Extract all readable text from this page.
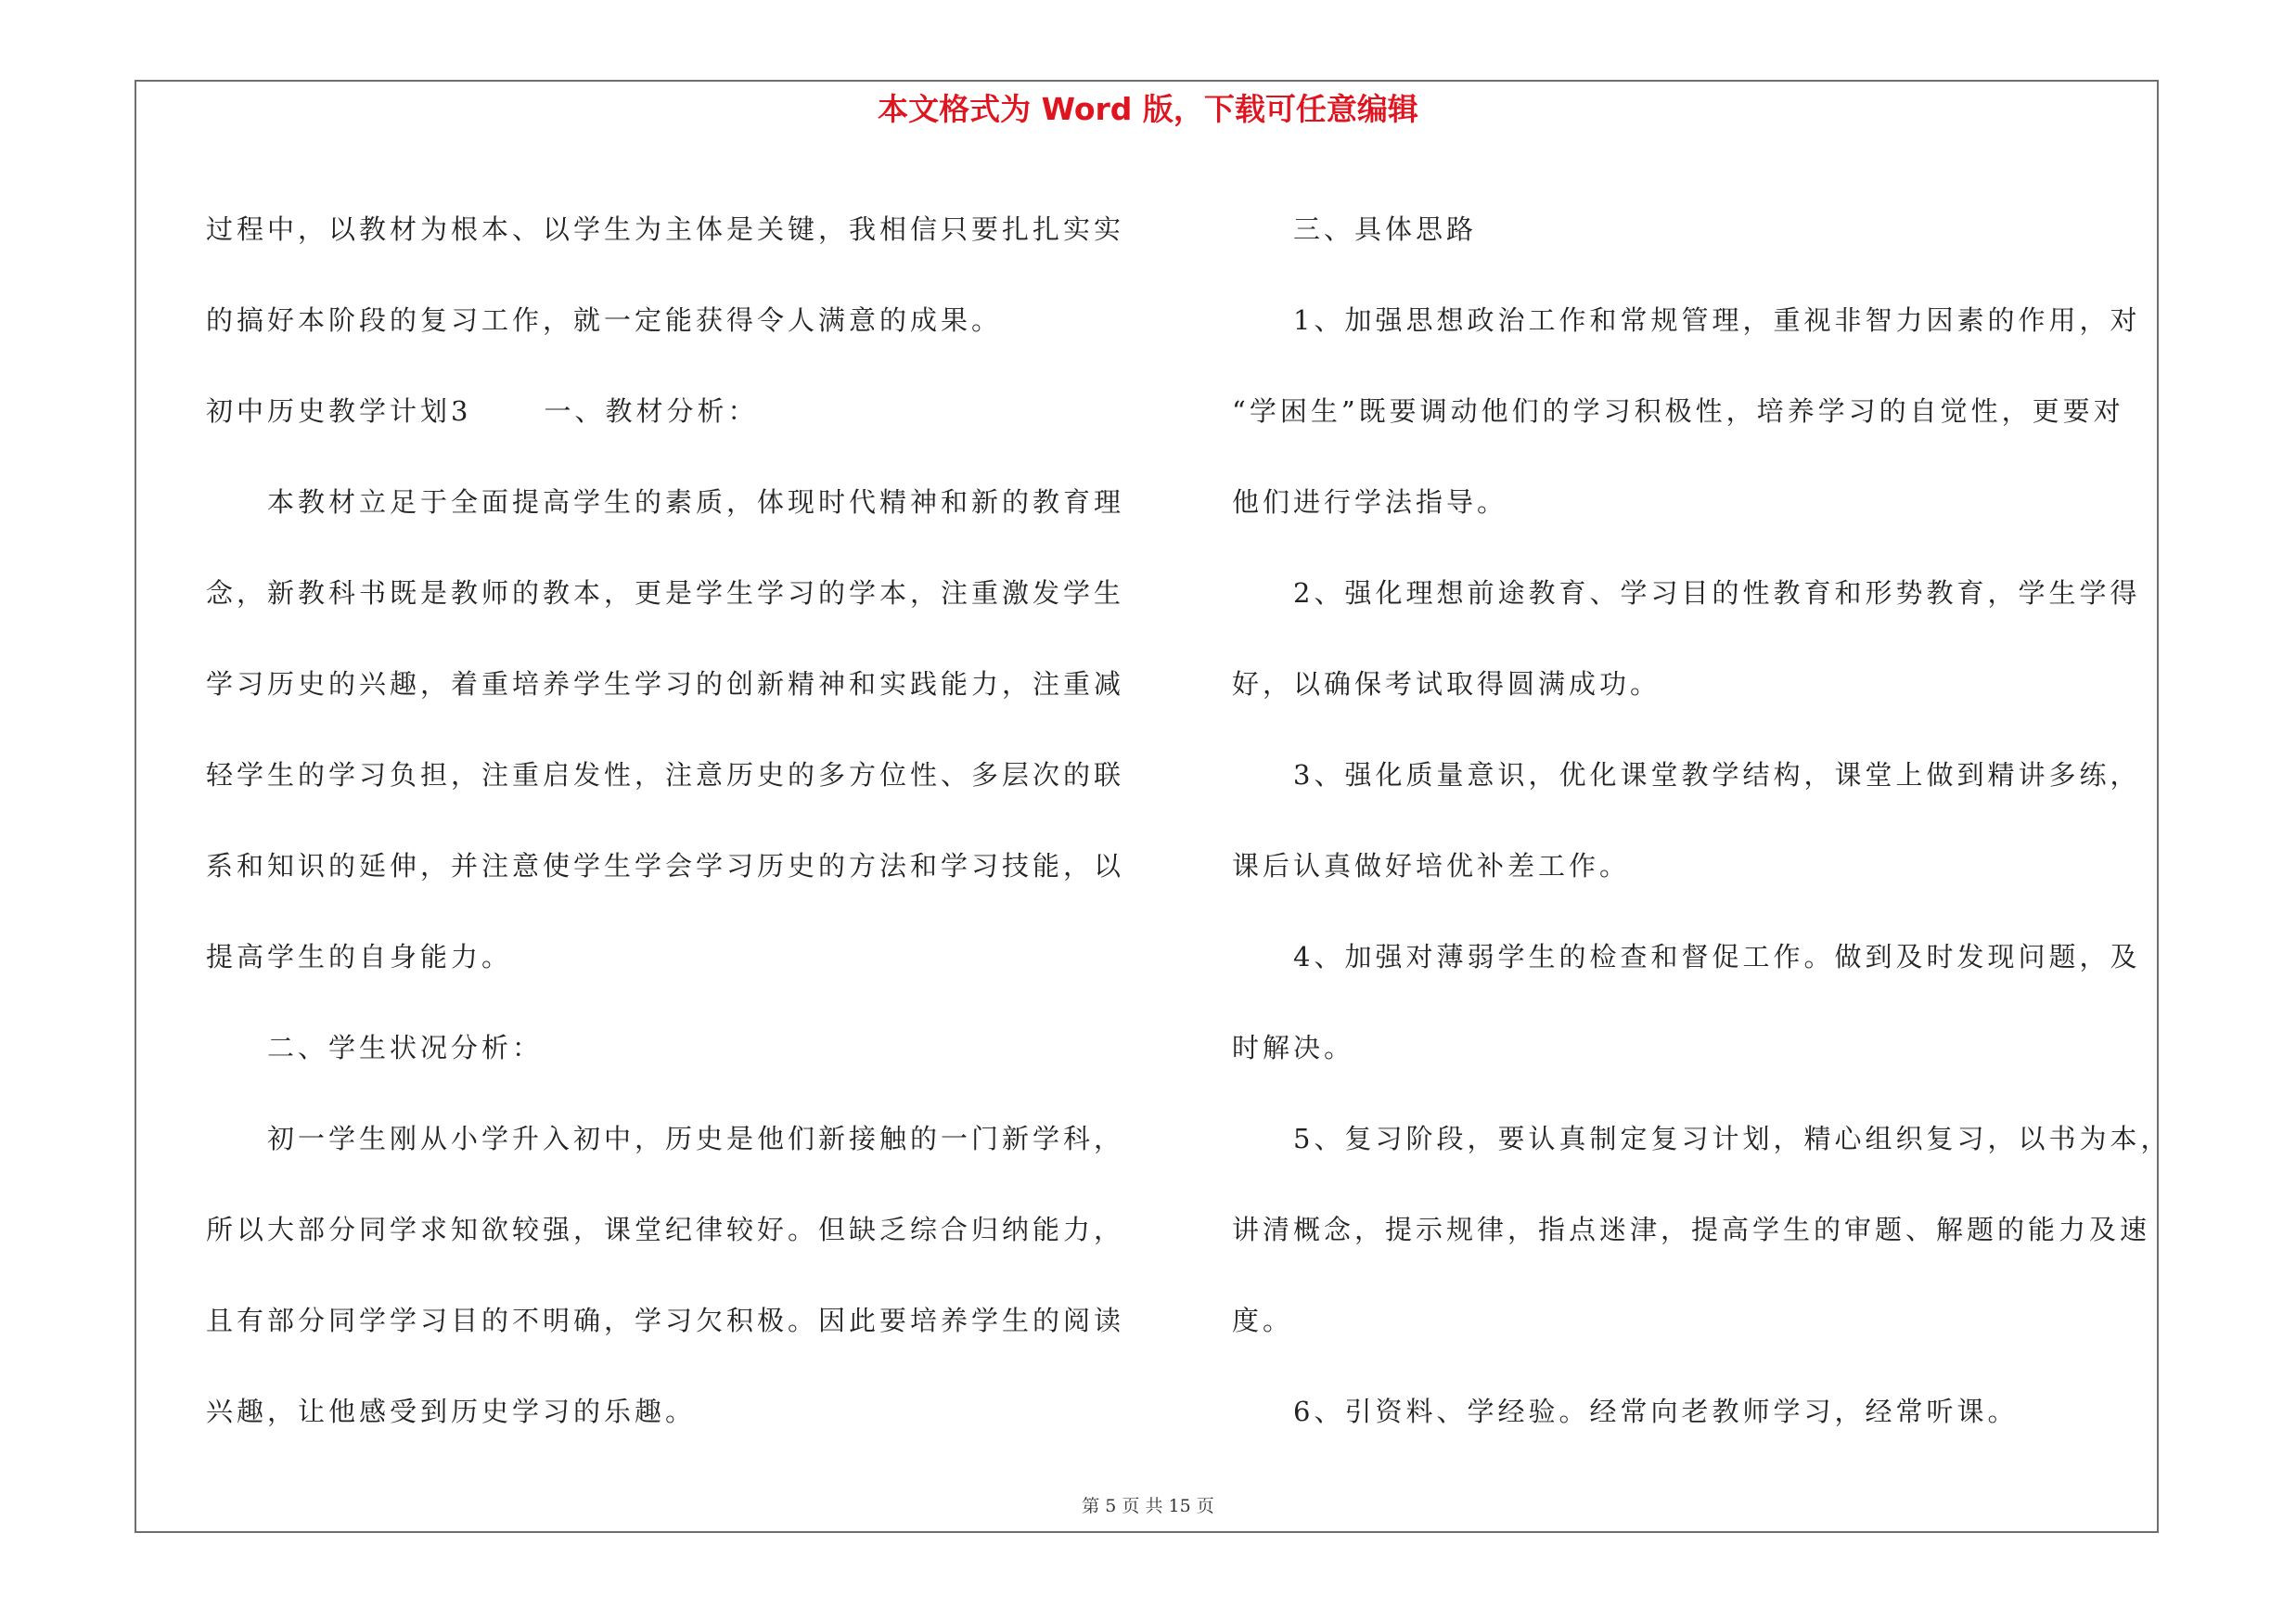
本文格式为 Word 版，下载可任意编辑
过程中，以教材为根本、以学生为主体是关键，我相信只要扎扎实实
的搞好本阶段的复习工作，就一定能获得令人满意的成果。
初中历史教学计划3	一、教材分析：
　　本教材立足于全面提高学生的素质，体现时代精神和新的教育理
念，新教科书既是教师的教本，更是学生学习的学本，注重激发学生
学习历史的兴趣，着重培养学生学习的创新精神和实践能力，注重减
轻学生的学习负担，注重启发性，注意历史的多方位性、多层次的联
系和知识的延伸，并注意使学生学会学习历史的方法和学习技能，以
提高学生的自身能力。
　　二、学生状况分析：
　　初一学生刚从小学升入初中，历史是他们新接触的一门新学科，
所以大部分同学求知欲较强，课堂纪律较好。但缺乏综合归纳能力，
且有部分同学学习目的不明确，学习欠积极。因此要培养学生的阅读
兴趣，让他感受到历史学习的乐趣。
　　三、具体思路
　　1、加强思想政治工作和常规管理，重视非智力因素的作用，对
“学困生”既要调动他们的学习积极性，培养学习的自觉性，更要对
他们进行学法指导。
　　2、强化理想前途教育、学习目的性教育和形势教育，学生学得
好，以确保考试取得圆满成功。
　　3、强化质量意识，优化课堂教学结构，课堂上做到精讲多练，
课后认真做好培优补差工作。
　　4、加强对薄弱学生的检查和督促工作。做到及时发现问题，及
时解决。
　　5、复习阶段，要认真制定复习计划，精心组织复习，以书为本，
讲清概念，提示规律，指点迷津，提高学生的审题、解题的能力及速
度。
　　6、引资料、学经验。经常向老教师学习，经常听课。
第 5 页 共 15 页
